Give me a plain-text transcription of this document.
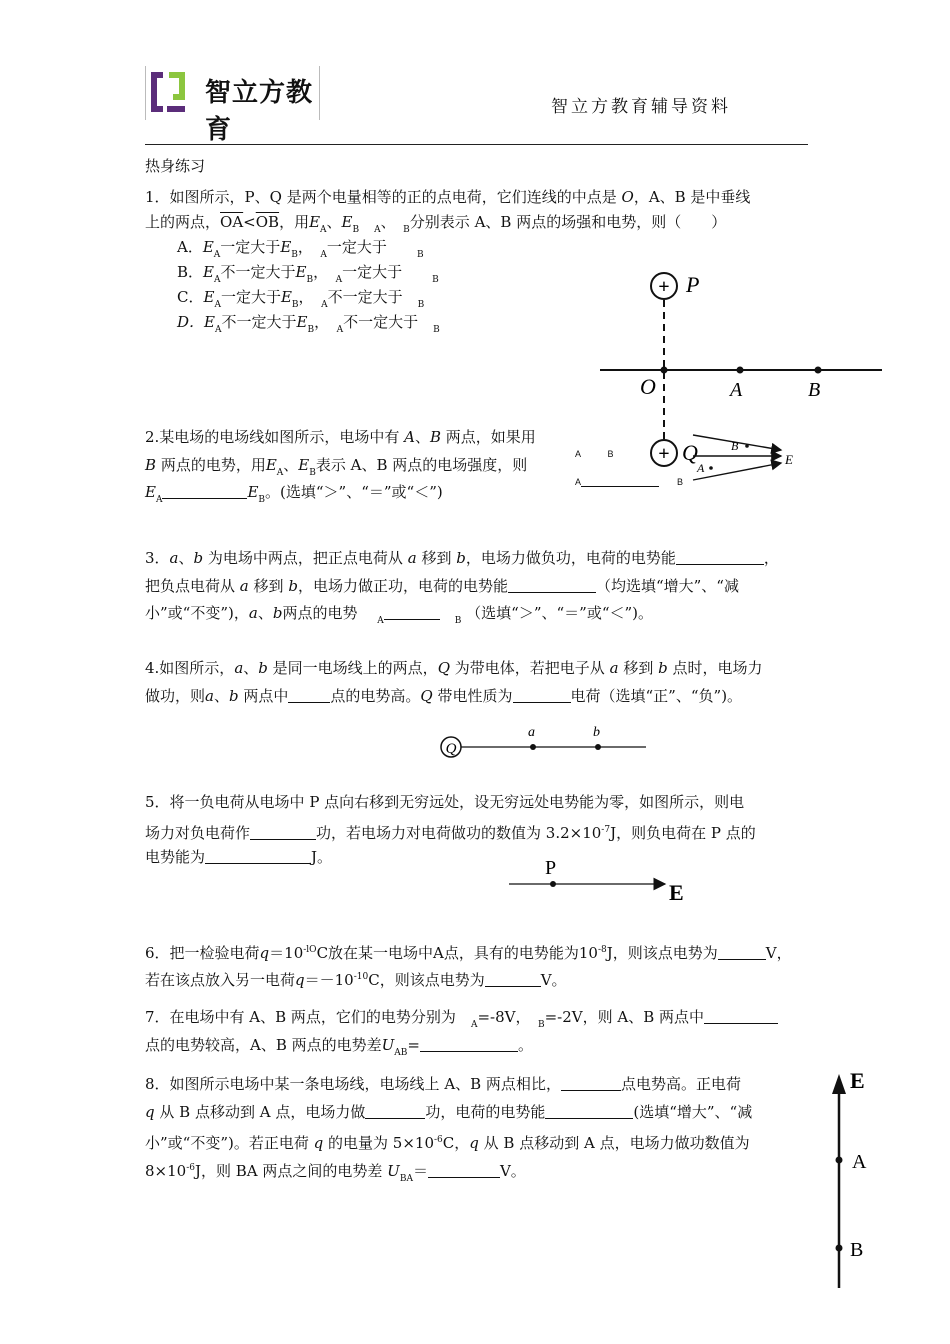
智立方教育
智立方教育辅导资料
热身练习
1．如图所示，P、Q 是两个电量相等的正的点电荷，它们连线的中点是 O，A、B 是中垂线
上的两点，$\overline{OA}<\overline{OB}$，用$E_A$、$E_B$　 $_A$、　 $_B$分别表示 A、B 两点的场强和电势，则（　　）
A．$E_A$一定大于$E_B$，　 $_A$一定大于　　	$_B$
B．$E_A$不一定大于$E_B$，　 $_A$一定大于　　	$_B$
C．$E_A$一定大于$E_B$，　 $_A$不一定大于　 $_B$
D．$E_A$不一定大于$E_B$，　 $_A$不一定大于　 $_B$
+ P
+ Q
O	A	B
2.某电场的电场线如图所示，电场中有 A、B 两点，如果用
B 两点的电势，用$E_A$、$E_B$表示 A、B 两点的电场强度，则
$E_A$	$E_B$。(选填“＞”、“＝”或“＜”)
A　　　	B
A　　	B
B
A
E
3．a、b 为电场中两点，把正点电荷从 a 移到 b，电场力做负功，电荷的电势能	，
把负点电荷从 a 移到 b，电场力做正功，电荷的电势能	（均选填“增大”、“减
小”或“不变”)，a、b两点的电势　 $_A$　	$_B$ （选填“＞”、“＝”或“＜”)。
4.如图所示，a、b 是同一电场线上的两点，Q 为带电体，若把电子从 a 移到 b 点时，电场力
做功，则a、b 两点中	点的电势高。Q 带电性质为	电荷（选填“正”、“负”)。
Q
a	b
5．将一负电荷从电场中 P 点向右移到无穷远处，设无穷远处电势能为零，如图所示，则电
场力对负电荷作	功，若电场力对电荷做功的数值为 $3.2\times 10^{-7}J$，则负电荷在 P 点的
电势能为	J。	P
E
6．把一检验电荷$q=10^{-lO}C$放在某一电场中A点，具有的电势能为$10^{-8}J$，则该点电势为	V，
若在该点放入另一电荷$q=-10^{-10}C$，则该点电势为	V。
7．在电场中有 A、B 两点，它们的电势分别为　 $_A$=-8V，　 $_B$=-2V，则 A、B 两点中
点的电势较高，A、B 两点的电势差$U_{AB}=$	。
8．如图所示电场中某一条电场线，电场线上 A、B 两点相比，	点电势高。正电荷
q 从 B 点移动到 A 点，电场力做	功，电荷的电势能	(选填“增大”、“减
小”或“不变”)。若正电荷 q 的电量为 $5\times 10^{-6}C$，q 从 B 点移动到 A 点，电场力做功数值为
$8\times 10^{-6}J$，则 BA 两点之间的电势差 $U_{BA}=$	V。
E
A
B
